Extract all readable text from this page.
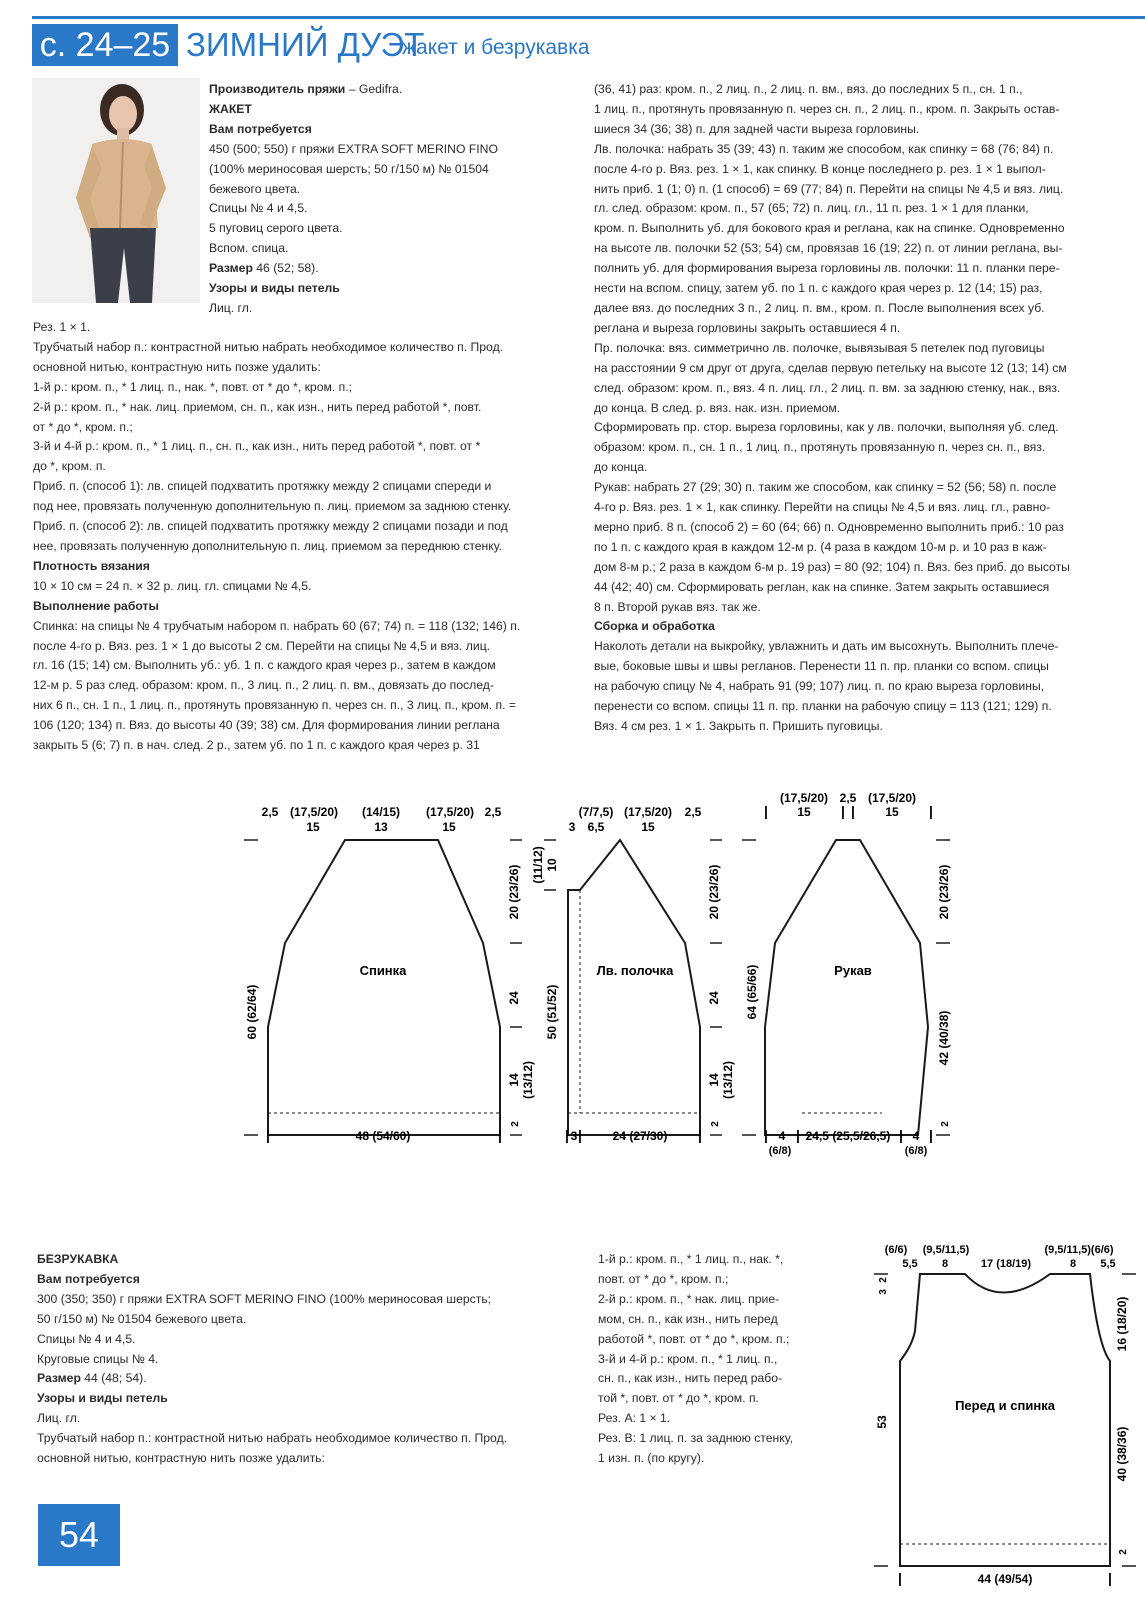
с. 24–25 ЗИМНИЙ ДУЭТ
жакет и безрукавка

Производитель пряжи – Gedifra.

ЖАКЕТ

Вам потребуется

450 (500; 550) г пряжи EXTRA SOFT MERINO FINO

(100% мериносовая шерсть; 50 г/150 м) № 01504

бежевого цвета.

Спицы № 4 и 4,5.

5 пуговиц серого цвета.

Вспом. спица.

Размер 46 (52; 58).

Узоры и виды петель

Лиц. гл.

Рез. 1 × 1.

Трубчатый набор п.: контрастной нитью набрать необходимое количество п. Прод.

основной нитью, контрастную нить позже удалить:

1-й р.: кром. п., * 1 лиц. п., нак. *, повт. от * до *, кром. п.;

2-й р.: кром. п., * нак. лиц. приемом, сн. п., как изн., нить перед работой *, повт.

от * до *, кром. п.;

3-й и 4-й р.: кром. п., * 1 лиц. п., сн. п., как изн., нить перед работой *, повт. от *

до *, кром. п.

Приб. п. (способ 1): лв. спицей подхватить протяжку между 2 спицами спереди и

под нее, провязать полученную дополнительную п. лиц. приемом за заднюю стенку.

Приб. п. (способ 2): лв. спицей подхватить протяжку между 2 спицами позади и под

нее, провязать полученную дополнительную п. лиц. приемом за переднюю стенку.

Плотность вязания

10 × 10 см = 24 п. × 32 р. лиц. гл. спицами № 4,5.

Выполнение работы

Спинка: на спицы № 4 трубчатым набором п. набрать 60 (67; 74) п. = 118 (132; 146) п.

после 4-го р. Вяз. рез. 1 × 1 до высоты 2 см. Перейти на спицы № 4,5 и вяз. лиц.

гл. 16 (15; 14) см. Выполнить уб.: уб. 1 п. с каждого края через р., затем в каждом

12-м р. 5 раз след. образом: кром. п., 3 лиц. п., 2 лиц. п. вм., довязать до послед-

них 6 п., сн. 1 п., 1 лиц. п., протянуть провязанную п. через сн. п., 3 лиц. п., кром. п. =

106 (120; 134) п. Вяз. до высоты 40 (39; 38) см. Для формирования линии реглана

закрыть 5 (6; 7) п. в нач. след. 2 р., затем уб. по 1 п. с каждого края через р. 31

(36, 41) раз: кром. п., 2 лиц. п., 2 лиц. п. вм., вяз. до последних 5 п., сн. 1 п.,

1 лиц. п., протянуть провязанную п. через сн. п., 2 лиц. п., кром. п. Закрыть остав-

шиеся 34 (36; 38) п. для задней части выреза горловины.

Лв. полочка: набрать 35 (39; 43) п. таким же способом, как спинку = 68 (76; 84) п.

после 4-го р. Вяз. рез. 1 × 1, как спинку. В конце последнего р. рез. 1 × 1 выпол-

нить приб. 1 (1; 0) п. (1 способ) = 69 (77; 84) п. Перейти на спицы № 4,5 и вяз. лиц.

гл. след. образом: кром. п., 57 (65; 72) п. лиц. гл., 11 п. рез. 1 × 1 для планки,

кром. п. Выполнить уб. для бокового края и реглана, как на спинке. Одновременно

на высоте лв. полочки 52 (53; 54) см, провязав 16 (19; 22) п. от линии реглана, вы-

полнить уб. для формирования выреза горловины лв. полочки: 11 п. планки пере-

нести на вспом. спицу, затем уб. по 1 п. с каждого края через р. 12 (14; 15) раз,

далее вяз. до последних 3 п., 2 лиц. п. вм., кром. п. После выполнения всех уб.

реглана и выреза горловины закрыть оставшиеся 4 п.

Пр. полочка: вяз. симметрично лв. полочке, вывязывая 5 петелек под пуговицы

на расстоянии 9 см друг от друга, сделав первую петельку на высоте 12 (13; 14) см

след. образом: кром. п., вяз. 4 п. лиц. гл., 2 лиц. п. вм. за заднюю стенку, нак., вяз.

до конца. В след. р. вяз. нак. изн. приемом.

Сформировать пр. стор. выреза горловины, как у лв. полочки, выполняя уб. след.

образом: кром. п., сн. 1 п., 1 лиц. п., протянуть провязанную п. через сн. п., вяз.

до конца.

Рукав: набрать 27 (29; 30) п. таким же способом, как спинку = 52 (56; 58) п. после

4-го р. Вяз. рез. 1 × 1, как спинку. Перейти на спицы № 4,5 и вяз. лиц. гл., равно-

мерно приб. 8 п. (способ 2) = 60 (64; 66) п. Одновременно выполнить приб.: 10 раз

по 1 п. с каждого края в каждом 12-м р. (4 раза в каждом 10-м р. и 10 раз в каж-

дом 8-м р.; 2 раза в каждом 6-м р. 19 раз) = 80 (92; 104) п. Вяз. без приб. до высоты

44 (42; 40) см. Сформировать реглан, как на спинке. Затем закрыть оставшиеся

8 п. Второй рукав вяз. так же.

Сборка и обработка

Наколоть детали на выкройку, увлажнить и дать им высохнуть. Выполнить плече-

вые, боковые швы и швы регланов. Перенести 11 п. пр. планки со вспом. спицы

на рабочую спицу № 4, набрать 91 (99; 107) лиц. п. по краю выреза горловины,

перенести со вспом. спицы 11 п. пр. планки на рабочую спицу = 113 (121; 129) п.

Вяз. 4 см рез. 1 × 1. Закрыть п. Пришить пуговицы.

Спинка
2,5 (17,5/20) (14/15) (17,5/20) 2,5
15	13	15
60 (62/64)
20 (23/26)
24
14 (13/12)
2
48 (54/60)
|	|
Лв. полочка
(7/7,5) (17,5/20) 2,5
3 6,5	15
(11/12) 10
50 (51/52)
20 (23/26)
24
14 (13/12)
2
3	24 (27/30)
| |	|
Рукав
(17,5/20) 2,5 (17,5/20)
15	15
|	| |	|
64 (65/66)
20 (23/26)
42 (40/38)
2
4 24,5 (25,5/26,5) 4
(6/8)	(6/8)
| |	| |

БЕЗРУКАВКА

Вам потребуется

300 (350; 350) г пряжи EXTRA SOFT MERINO FINO (100% мериносовая шерсть;

50 г/150 м) № 01504 бежевого цвета.

Спицы № 4 и 4,5.

Круговые спицы № 4.

Размер 44 (48; 54).

Узоры и виды петель

Лиц. гл.

Трубчатый набор п.: контрастной нитью набрать необходимое количество п. Прод.

основной нитью, контрастную нить позже удалить:

1-й р.: кром. п., * 1 лиц. п., нак. *,

повт. от * до *, кром. п.;

2-й р.: кром. п., * нак. лиц. прие-

мом, сн. п., как изн., нить перед

работой *, повт. от * до *, кром. п.;

3-й и 4-й р.: кром. п., * 1 лиц. п.,

сн. п., как изн., нить перед рабо-

той *, повт. от * до *, кром. п.

Рез. А: 1 × 1.

Рез. В: 1 лиц. п. за заднюю стенку,

1 изн. п. (по кругу).

Перед и спинка
(6/6) (9,5/11,5)	(9,5/11,5)(6/6)
5,5 8	17 (18/19)	8 5,5
3
2
53
16 (18/20)
40 (38/36)
2
44 (49/54)
|	|
54
